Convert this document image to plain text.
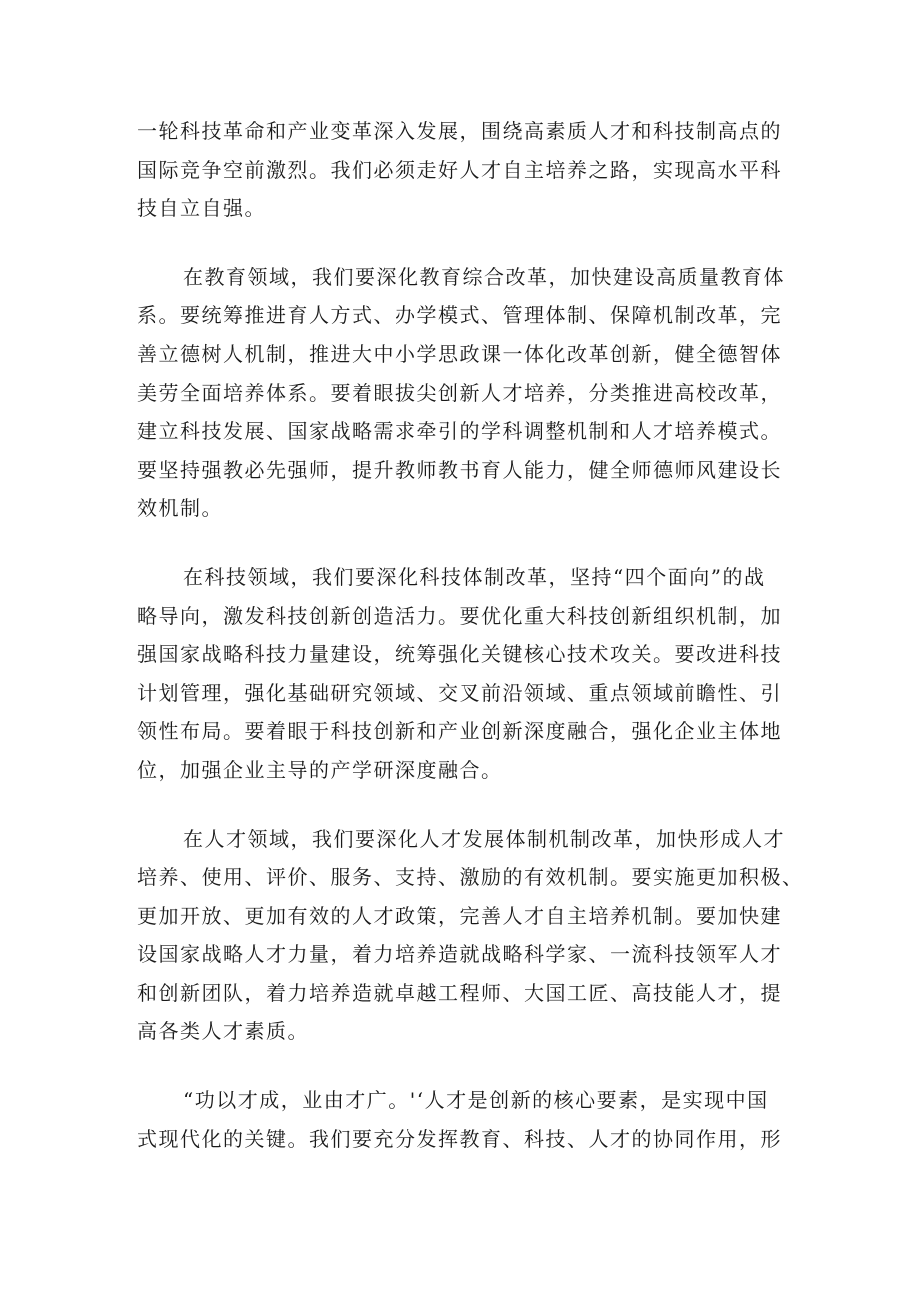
一轮科技革命和产业变革深入发展，围绕高素质人才和科技制高点的
国际竞争空前激烈。我们必须走好人才自主培养之路，实现高水平科
技自立自强。

在教育领域，我们要深化教育综合改革，加快建设高质量教育体
系。要统筹推进育人方式、办学模式、管理体制、保障机制改革，完
善立德树人机制，推进大中小学思政课一体化改革创新，健全德智体
美劳全面培养体系。要着眼拔尖创新人才培养，分类推进高校改革，
建立科技发展、国家战略需求牵引的学科调整机制和人才培养模式。
要坚持强教必先强师，提升教师教书育人能力，健全师德师风建设长
效机制。

在科技领域，我们要深化科技体制改革，坚持“四个面向”的战
略导向，激发科技创新创造活力。要优化重大科技创新组织机制，加
强国家战略科技力量建设，统筹强化关键核心技术攻关。要改进科技
计划管理，强化基础研究领域、交叉前沿领域、重点领域前瞻性、引
领性布局。要着眼于科技创新和产业创新深度融合，强化企业主体地
位，加强企业主导的产学研深度融合。

在人才领域，我们要深化人才发展体制机制改革，加快形成人才
培养、使用、评价、服务、支持、激励的有效机制。要实施更加积极、
更加开放、更加有效的人才政策，完善人才自主培养机制。要加快建
设国家战略人才力量，着力培养造就战略科学家、一流科技领军人才
和创新团队，着力培养造就卓越工程师、大国工匠、高技能人才，提
高各类人才素质。

“功以才成，业由才广。'‘人才是创新的核心要素，是实现中国
式现代化的关键。我们要充分发挥教育、科技、人才的协同作用，形
